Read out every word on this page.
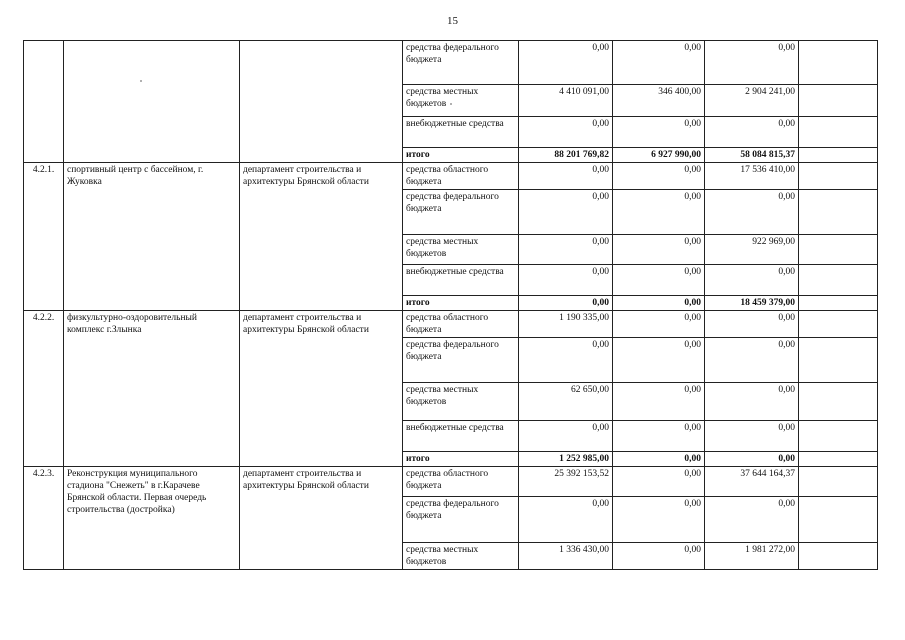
15
			средства федерального бюджета	0,00	0,00	0,00	
			средства местных бюджетов	4 410 091,00	346 400,00	2 904 241,00	
			внебюджетные средства	0,00	0,00	0,00	
			итого	88 201 769,82	6 927 990,00	58 084 815,37	
4.2.1.	спортивный центр с бассейном, г. Жуковка	департамент строительства и архитектуры Брянской области	средства областного бюджета	0,00	0,00	17 536 410,00	
			средства федерального бюджета	0,00	0,00	0,00	
			средства местных бюджетов	0,00	0,00	922 969,00	
			внебюджетные средства	0,00	0,00	0,00	
			итого	0,00	0,00	18 459 379,00	
4.2.2.	физкультурно-оздоровительный комплекс г.Злынка	департамент строительства и архитектуры Брянской области	средства областного бюджета	1 190 335,00	0,00	0,00	
			средства федерального бюджета	0,00	0,00	0,00	
			средства местных бюджетов	62 650,00	0,00	0,00	
			внебюджетные средства	0,00	0,00	0,00	
			итого	1 252 985,00	0,00	0,00	
4.2.3.	Реконструкция муниципального стадиона "Снежеть" в г.Карачеве Брянской области. Первая очередь строительства (достройка)	департамент строительства и архитектуры Брянской области	средства областного бюджета	25 392 153,52	0,00	37 644 164,37	
			средства федерального бюджета	0,00	0,00	0,00	
			средства местных бюджетов	1 336 430,00	0,00	1 981 272,00	
